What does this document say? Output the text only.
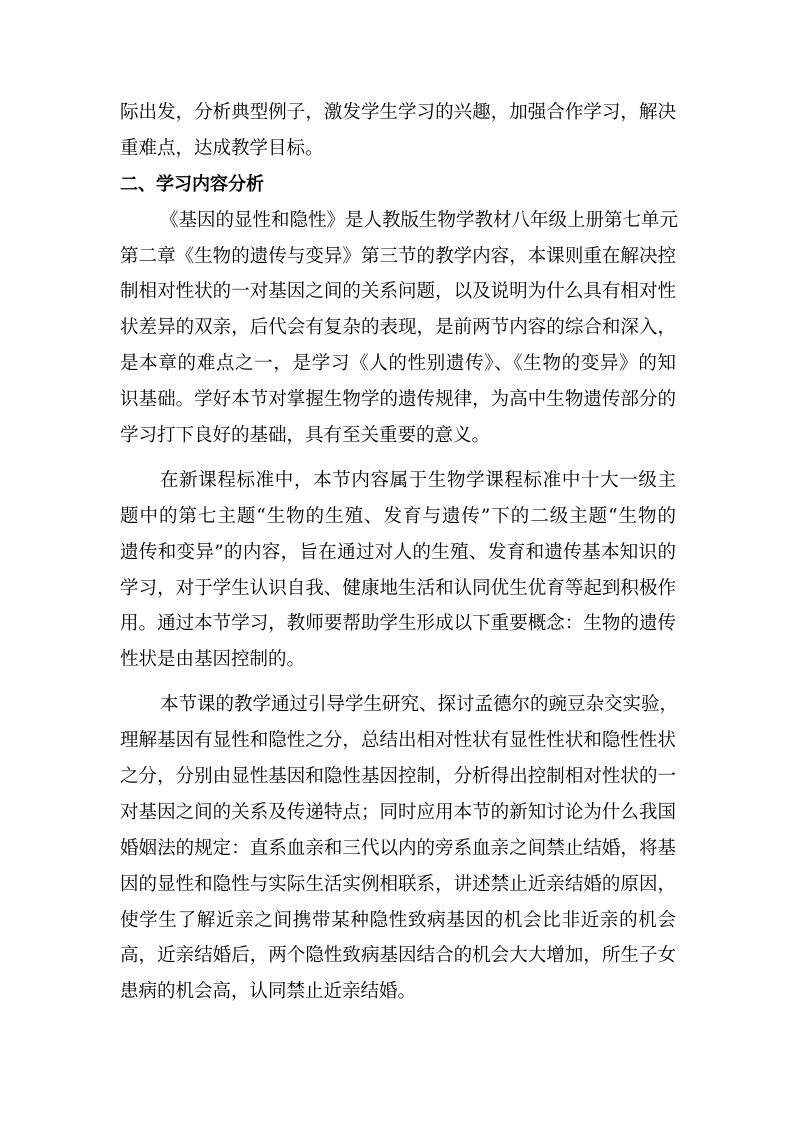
际出发，分析典型例子，激发学生学习的兴趣，加强合作学习，解决
重难点，达成教学目标。
二、学习内容分析
《基因的显性和隐性》是人教版生物学教材八年级上册第七单元
第二章《生物的遗传与变异》第三节的教学内容，本课则重在解决控
制相对性状的一对基因之间的关系问题，以及说明为什么具有相对性
状差异的双亲，后代会有复杂的表现，是前两节内容的综合和深入，
是本章的难点之一，是学习《人的性别遗传》、《生物的变异》的知
识基础。学好本节对掌握生物学的遗传规律，为高中生物遗传部分的
学习打下良好的基础，具有至关重要的意义。
在新课程标准中，本节内容属于生物学课程标准中十大一级主
题中的第七主题“生物的生殖、发育与遗传”下的二级主题“生物的
遗传和变异”的内容，旨在通过对人的生殖、发育和遗传基本知识的
学习，对于学生认识自我、健康地生活和认同优生优育等起到积极作
用。通过本节学习，教师要帮助学生形成以下重要概念：生物的遗传
性状是由基因控制的。
本节课的教学通过引导学生研究、探讨孟德尔的豌豆杂交实验，
理解基因有显性和隐性之分，总结出相对性状有显性性状和隐性性状
之分，分别由显性基因和隐性基因控制，分析得出控制相对性状的一
对基因之间的关系及传递特点；同时应用本节的新知讨论为什么我国
婚姻法的规定：直系血亲和三代以内的旁系血亲之间禁止结婚，将基
因的显性和隐性与实际生活实例相联系，讲述禁止近亲结婚的原因，
使学生了解近亲之间携带某种隐性致病基因的机会比非近亲的机会
高，近亲结婚后，两个隐性致病基因结合的机会大大增加，所生子女
患病的机会高，认同禁止近亲结婚。
